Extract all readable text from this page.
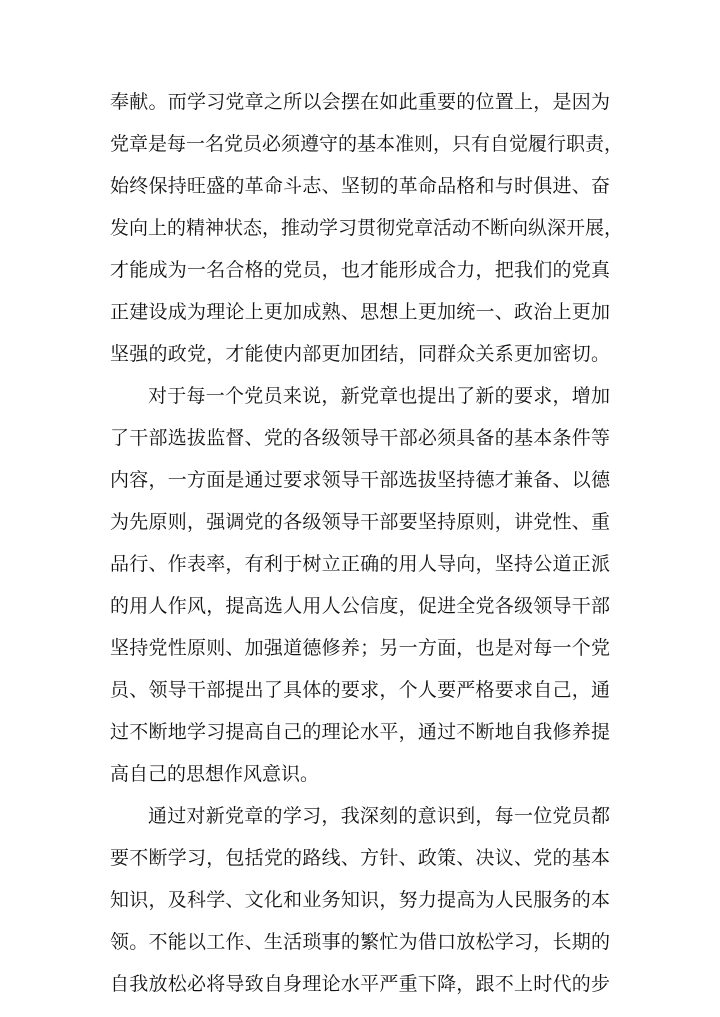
奉献。而学习党章之所以会摆在如此重要的位置上，是因为
党章是每一名党员必须遵守的基本准则，只有自觉履行职责，
始终保持旺盛的革命斗志、坚韧的革命品格和与时俱进、奋
发向上的精神状态，推动学习贯彻党章活动不断向纵深开展，
才能成为一名合格的党员，也才能形成合力，把我们的党真
正建设成为理论上更加成熟、思想上更加统一、政治上更加
坚强的政党，才能使内部更加团结，同群众关系更加密切。
对于每一个党员来说，新党章也提出了新的要求，增加
了干部选拔监督、党的各级领导干部必须具备的基本条件等
内容，一方面是通过要求领导干部选拔坚持德才兼备、以德
为先原则，强调党的各级领导干部要坚持原则，讲党性、重
品行、作表率，有利于树立正确的用人导向，坚持公道正派
的用人作风，提高选人用人公信度，促进全党各级领导干部
坚持党性原则、加强道德修养；另一方面，也是对每一个党
员、领导干部提出了具体的要求，个人要严格要求自己，通
过不断地学习提高自己的理论水平，通过不断地自我修养提
高自己的思想作风意识。
通过对新党章的学习，我深刻的意识到，每一位党员都
要不断学习，包括党的路线、方针、政策、决议、党的基本
知识，及科学、文化和业务知识，努力提高为人民服务的本
领。不能以工作、生活琐事的繁忙为借口放松学习，长期的
自我放松必将导致自身理论水平严重下降，跟不上时代的步
